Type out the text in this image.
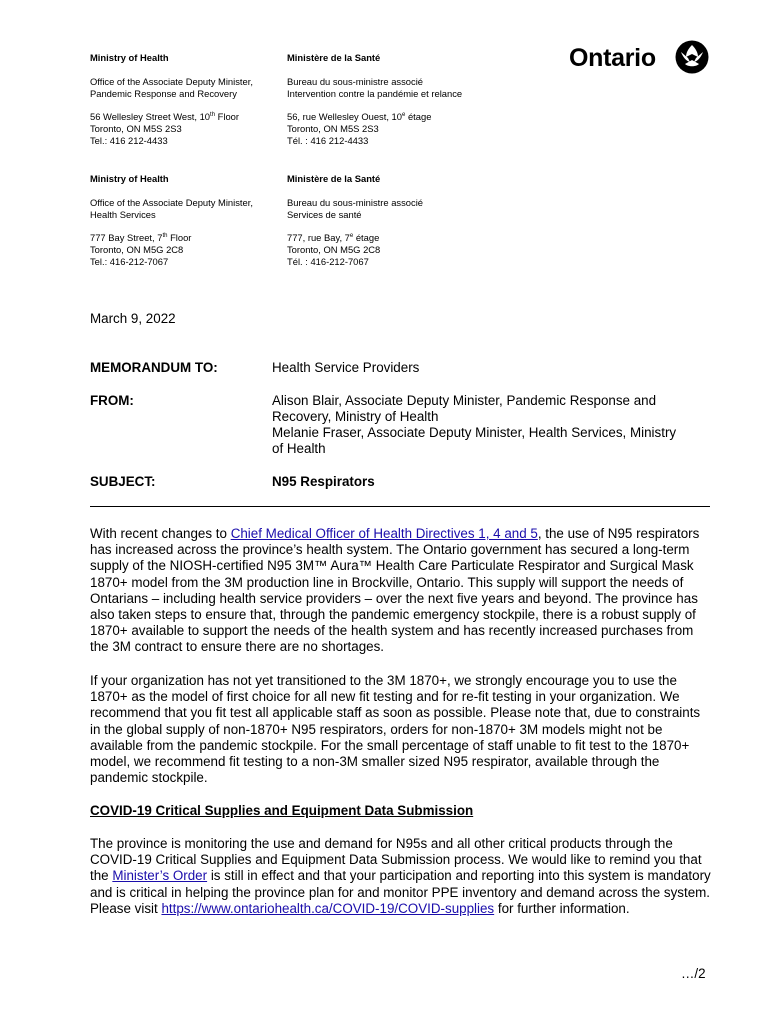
Ministry of Health
Office of the Associate Deputy Minister,
Pandemic Response and Recovery
56 Wellesley Street West, 10th Floor
Toronto, ON M5S 2S3
Tel.: 416 212-4433
Ministère de la Santé
Bureau du sous-ministre associé
Intervention contre la pandémie et relance
56, rue Wellesley Ouest, 10e étage
Toronto, ON M5S 2S3
Tél. : 416 212-4433
Ontario
Ministry of Health
Office of the Associate Deputy Minister,
Health Services
777 Bay Street, 7th Floor
Toronto, ON M5G 2C8
Tel.: 416-212-7067
Ministère de la Santé
Bureau du sous-ministre associé
Services de santé
777, rue Bay, 7e étage
Toronto, ON M5G 2C8
Tél. : 416-212-7067
March 9, 2022
MEMORANDUM TO:	Health Service Providers
FROM:	Alison Blair, Associate Deputy Minister, Pandemic Response and
Recovery, Ministry of Health
Melanie Fraser, Associate Deputy Minister, Health Services, Ministry
of Health
SUBJECT:	N95 Respirators
With recent changes to Chief Medical Officer of Health Directives 1, 4 and 5, the use of N95 respirators has increased across the province’s health system. The Ontario government has secured a long-term supply of the NIOSH-certified N95 3M™ Aura™ Health Care Particulate Respirator and Surgical Mask 1870+ model from the 3M production line in Brockville, Ontario. This supply will support the needs of Ontarians – including health service providers – over the next five years and beyond. The province has also taken steps to ensure that, through the pandemic emergency stockpile, there is a robust supply of 1870+ available to support the needs of the health system and has recently increased purchases from the 3M contract to ensure there are no shortages.
If your organization has not yet transitioned to the 3M 1870+, we strongly encourage you to use the 1870+ as the model of first choice for all new fit testing and for re-fit testing in your organization. We recommend that you fit test all applicable staff as soon as possible. Please note that, due to constraints in the global supply of non-1870+ N95 respirators, orders for non-1870+ 3M models might not be available from the pandemic stockpile. For the small percentage of staff unable to fit test to the 1870+ model, we recommend fit testing to a non-3M smaller sized N95 respirator, available through the pandemic stockpile.
COVID-19 Critical Supplies and Equipment Data Submission
The province is monitoring the use and demand for N95s and all other critical products through the COVID-19 Critical Supplies and Equipment Data Submission process. We would like to remind you that the Minister’s Order is still in effect and that your participation and reporting into this system is mandatory and is critical in helping the province plan for and monitor PPE inventory and demand across the system. Please visit https://www.ontariohealth.ca/COVID-19/COVID-supplies for further information.
…/2
